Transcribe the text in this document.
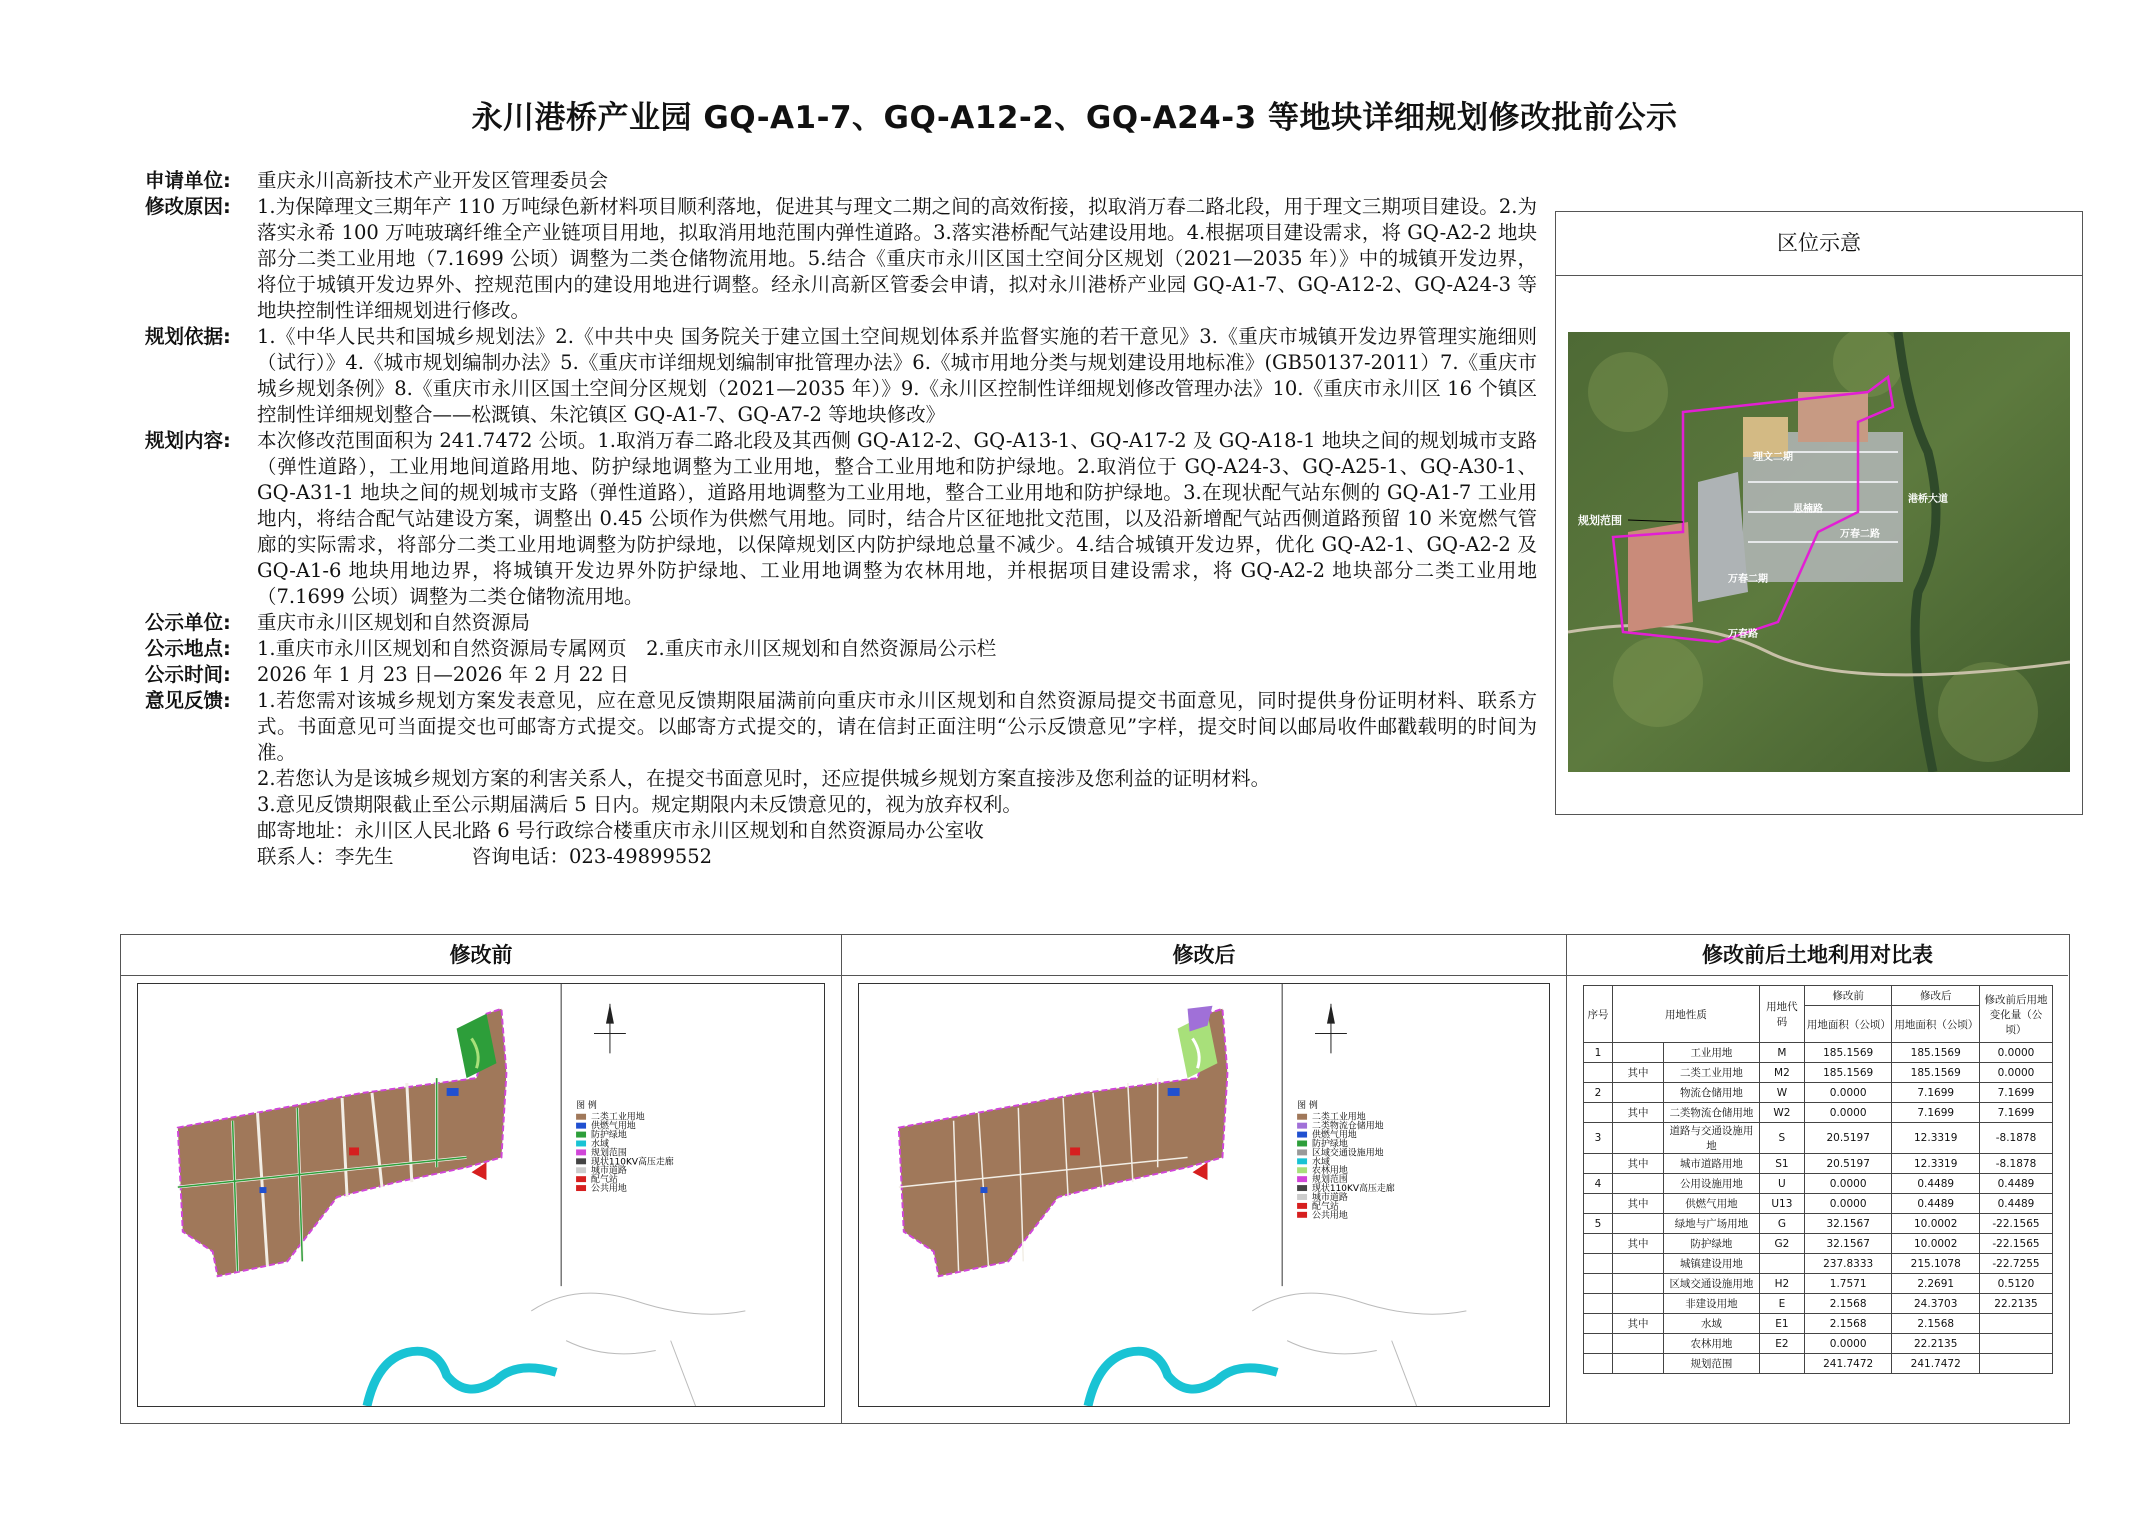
永川港桥产业园 GQ-A1-7、GQ-A12-2、GQ-A24-3 等地块详细规划修改批前公示
申请单位:	重庆永川高新技术产业开发区管理委员会
修改原因:	1.为保障理文三期年产 110 万吨绿色新材料项目顺利落地，促进其与理文二期之间的高效衔接，拟取消万春二路北段，用于理文三期项目建设。2.为落实永希 100 万吨玻璃纤维全产业链项目用地，拟取消用地范围内弹性道路。3.落实港桥配气站建设用地。4.根据项目建设需求，将 GQ-A2-2 地块部分二类工业用地（7.1699 公顷）调整为二类仓储物流用地。5.结合《重庆市永川区国土空间分区规划（2021—2035 年）》中的城镇开发边界，将位于城镇开发边界外、控规范围内的建设用地进行调整。经永川高新区管委会申请，拟对永川港桥产业园 GQ-A1-7、GQ-A12-2、GQ-A24-3 等地块控制性详细规划进行修改。
规划依据:	1.《中华人民共和国城乡规划法》2.《中共中央 国务院关于建立国土空间规划体系并监督实施的若干意见》3.《重庆市城镇开发边界管理实施细则（试行）》4.《城市规划编制办法》5.《重庆市详细规划编制审批管理办法》6.《城市用地分类与规划建设用地标准》(GB50137-2011）7.《重庆市城乡规划条例》8.《重庆市永川区国土空间分区规划（2021—2035 年）》9.《永川区控制性详细规划修改管理办法》10.《重庆市永川区 16 个镇区控制性详细规划整合——松溉镇、朱沱镇区 GQ-A1-7、GQ-A7-2 等地块修改》
规划内容:	本次修改范围面积为 241.7472 公顷。1.取消万春二路北段及其西侧 GQ-A12-2、GQ-A13-1、GQ-A17-2 及 GQ-A18-1 地块之间的规划城市支路（弹性道路），工业用地间道路用地、防护绿地调整为工业用地，整合工业用地和防护绿地。2.取消位于 GQ-A24-3、GQ-A25-1、GQ-A30-1、GQ-A31-1 地块之间的规划城市支路（弹性道路），道路用地调整为工业用地，整合工业用地和防护绿地。3.在现状配气站东侧的 GQ-A1-7 工业用地内，将结合配气站建设方案，调整出 0.45 公顷作为供燃气用地。同时，结合片区征地批文范围，以及沿新增配气站西侧道路预留 10 米宽燃气管廊的实际需求，将部分二类工业用地调整为防护绿地，以保障规划区内防护绿地总量不减少。4.结合城镇开发边界，优化 GQ-A2-1、GQ-A2-2 及 GQ-A1-6 地块用地边界，将城镇开发边界外防护绿地、工业用地调整为农林用地，并根据项目建设需求，将 GQ-A2-2 地块部分二类工业用地（7.1699 公顷）调整为二类仓储物流用地。
公示单位:	重庆市永川区规划和自然资源局
公示地点:	1.重庆市永川区规划和自然资源局专属网页　2.重庆市永川区规划和自然资源局公示栏
公示时间:	2026 年 1 月 23 日—2026 年 2 月 22 日
意见反馈:	1.若您需对该城乡规划方案发表意见，应在意见反馈期限届满前向重庆市永川区规划和自然资源局提交书面意见，同时提供身份证明材料、联系方式。书面意见可当面提交也可邮寄方式提交。以邮寄方式提交的，请在信封正面注明“公示反馈意见”字样，提交时间以邮局收件邮戳载明的时间为准。
2.若您认为是该城乡规划方案的利害关系人，在提交书面意见时，还应提供城乡规划方案直接涉及您利益的证明材料。
3.意见反馈期限截止至公示期届满后 5 日内。规定期限内未反馈意见的，视为放弃权利。
邮寄地址：永川区人民北路 6 号行政综合楼重庆市永川区规划和自然资源局办公室收
联系人：李先生	咨询电话：023-49899552
区位示意
规划范围
理文二期
思楠路
万春二路
万春二期
万春路
港桥大道
修改前
图 例
二类工业用地
供燃气用地
防护绿地
水域
规划范围
现状110KV高压走廊
城市道路
配气站
公共用地
修改后
图 例
二类工业用地
二类物流仓储用地
供燃气用地
防护绿地
区域交通设施用地
水域
农林用地
规划范围
现状110KV高压走廊
城市道路
配气站
公共用地
修改前后土地利用对比表
序号	用地性质		用地代码	修改前	修改后	修改前后用地变化量（公顷）
				用地面积（公顷）	用地面积（公顷）	
1		工业用地	M	185.1569	185.1569	0.0000
	其中	二类工业用地	M2	185.1569	185.1569	0.0000
2		物流仓储用地	W	0.0000	7.1699	7.1699
	其中	二类物流仓储用地	W2	0.0000	7.1699	7.1699
3		道路与交通设施用地	S	20.5197	12.3319	-8.1878
	其中	城市道路用地	S1	20.5197	12.3319	-8.1878
4		公用设施用地	U	0.0000	0.4489	0.4489
	其中	供燃气用地	U13	0.0000	0.4489	0.4489
5		绿地与广场用地	G	32.1567	10.0002	-22.1565
	其中	防护绿地	G2	32.1567	10.0002	-22.1565
		城镇建设用地		237.8333	215.1078	-22.7255
		区域交通设施用地	H2	1.7571	2.2691	0.5120
		非建设用地	E	2.1568	24.3703	22.2135
	其中	水域	E1	2.1568	2.1568	
		农林用地	E2	0.0000	22.2135	
		规划范围		241.7472	241.7472	
